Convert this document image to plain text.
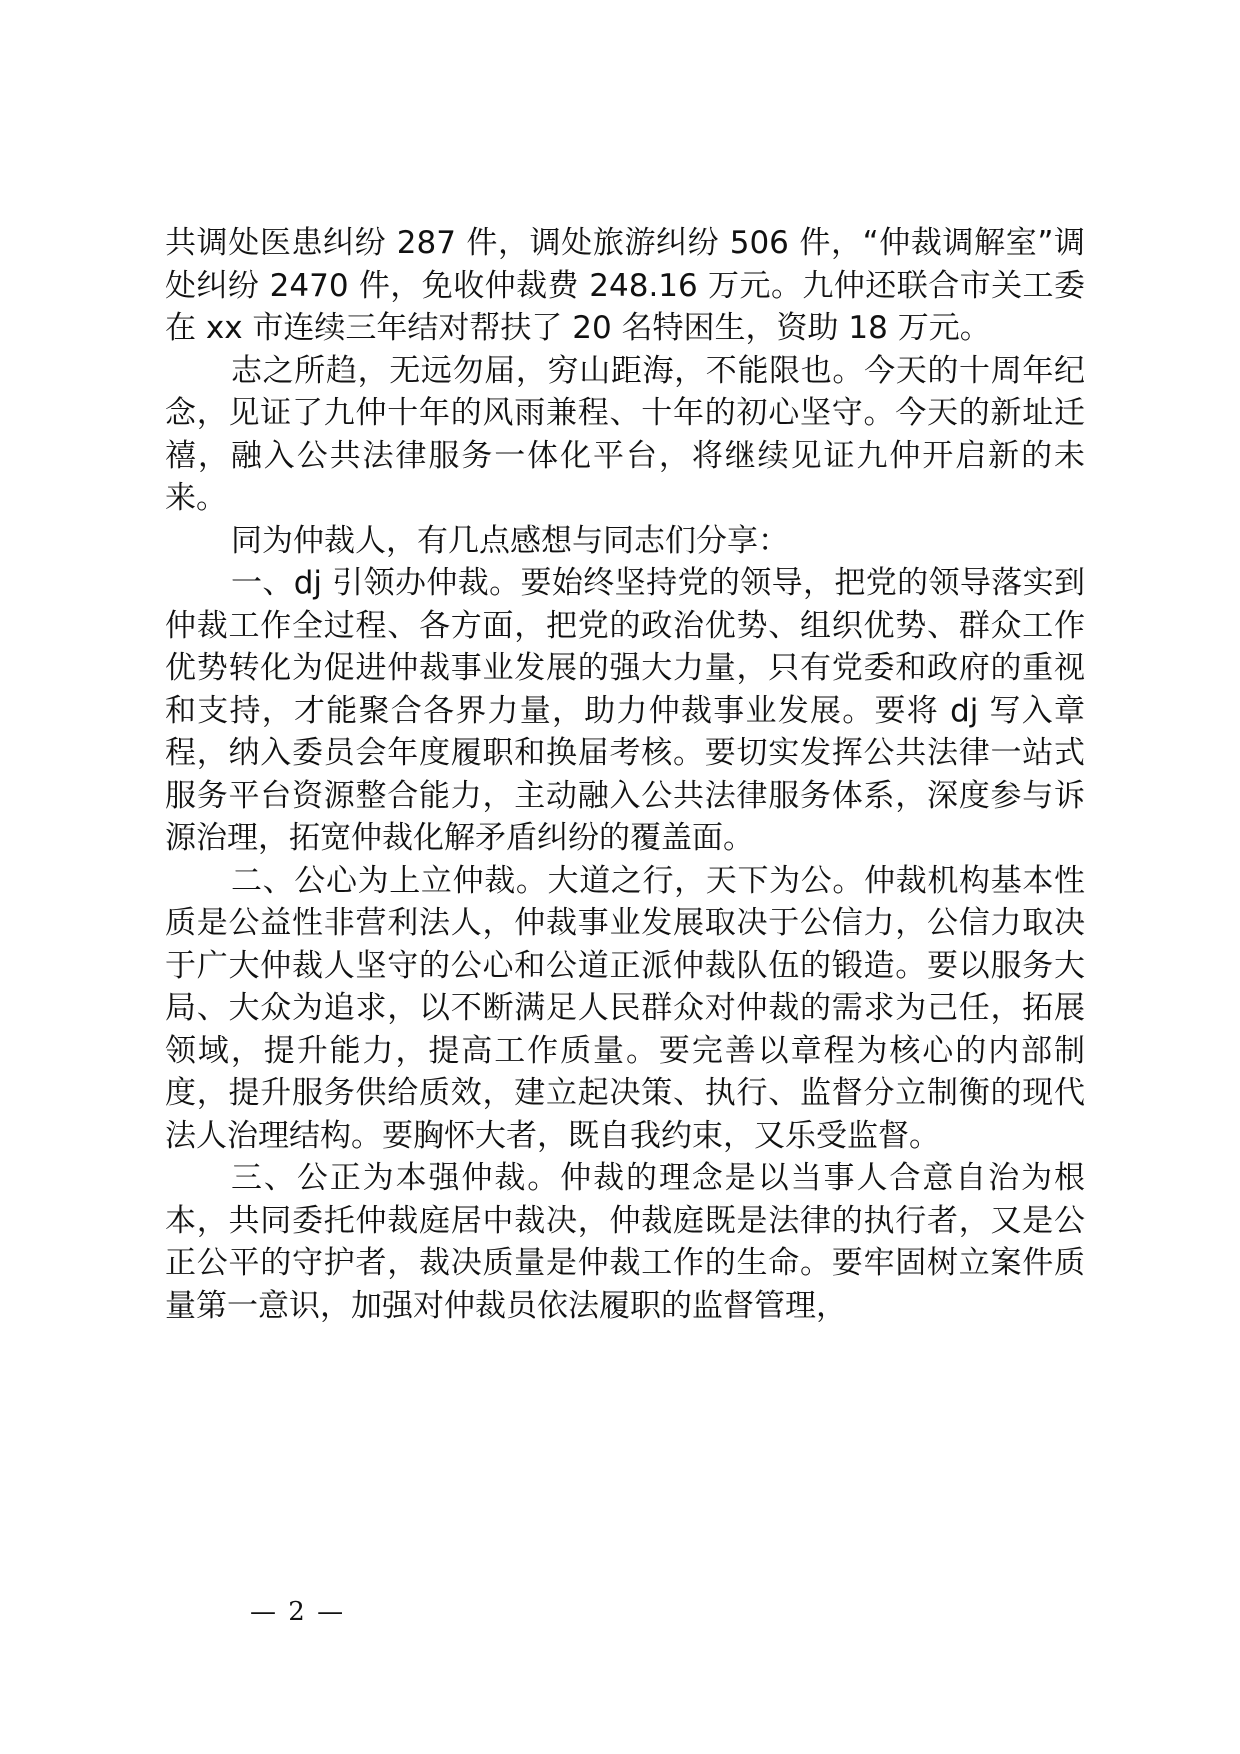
共调处医患纠纷 287 件，调处旅游纠纷 506 件，“仲裁调解室”调处纠纷 2470 件，免收仲裁费 248.16 万元。九仲还联合市关工委在 xx 市连续三年结对帮扶了 20 名特困生，资助 18 万元。

志之所趋，无远勿届，穷山距海，不能限也。今天的十周年纪念，见证了九仲十年的风雨兼程、十年的初心坚守。今天的新址迁禧，融入公共法律服务一体化平台，将继续见证九仲开启新的未来。

同为仲裁人，有几点感想与同志们分享：

一、dj 引领办仲裁。要始终坚持党的领导，把党的领导落实到仲裁工作全过程、各方面，把党的政治优势、组织优势、群众工作优势转化为促进仲裁事业发展的强大力量，只有党委和政府的重视和支持，才能聚合各界力量，助力仲裁事业发展。要将 dj 写入章程，纳入委员会年度履职和换届考核。要切实发挥公共法律一站式服务平台资源整合能力，主动融入公共法律服务体系，深度参与诉源治理，拓宽仲裁化解矛盾纠纷的覆盖面。

二、公心为上立仲裁。大道之行，天下为公。仲裁机构基本性质是公益性非营利法人，仲裁事业发展取决于公信力，公信力取决于广大仲裁人坚守的公心和公道正派仲裁队伍的锻造。要以服务大局、大众为追求，以不断满足人民群众对仲裁的需求为己任，拓展领域，提升能力，提高工作质量。要完善以章程为核心的内部制度，提升服务供给质效，建立起决策、执行、监督分立制衡的现代法人治理结构。要胸怀大者，既自我约束，又乐受监督。

三、公正为本强仲裁。仲裁的理念是以当事人合意自治为根本，共同委托仲裁庭居中裁决，仲裁庭既是法律的执行者，又是公正公平的守护者，裁决质量是仲裁工作的生命。要牢固树立案件质量第一意识，加强对仲裁员依法履职的监督管理，

— 2 —
